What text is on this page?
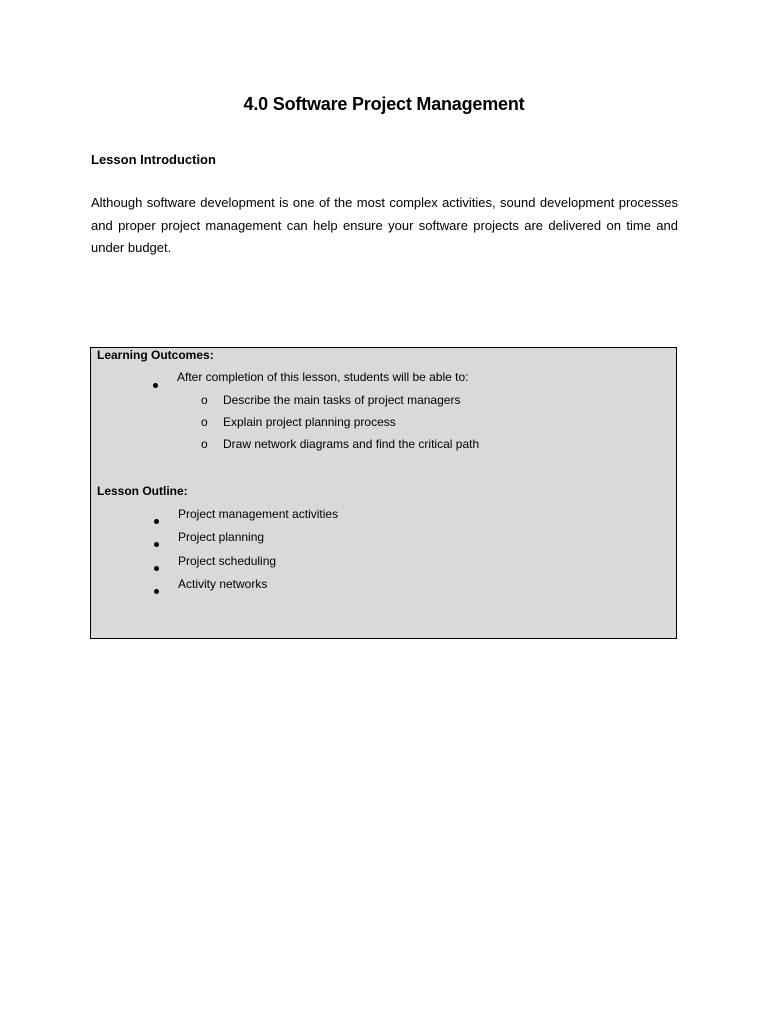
4.0 Software Project Management
Lesson Introduction

Although software development is one of the most complex activities, sound development processes and proper project management can help ensure your software projects are delivered on time and under budget.

Learning Outcomes:
After completion of this lesson, students will be able to:
o Describe the main tasks of project managers
o Explain project planning process
o Draw network diagrams and find the critical path
Lesson Outline:
Project management activities
Project planning
Project scheduling
Activity networks
